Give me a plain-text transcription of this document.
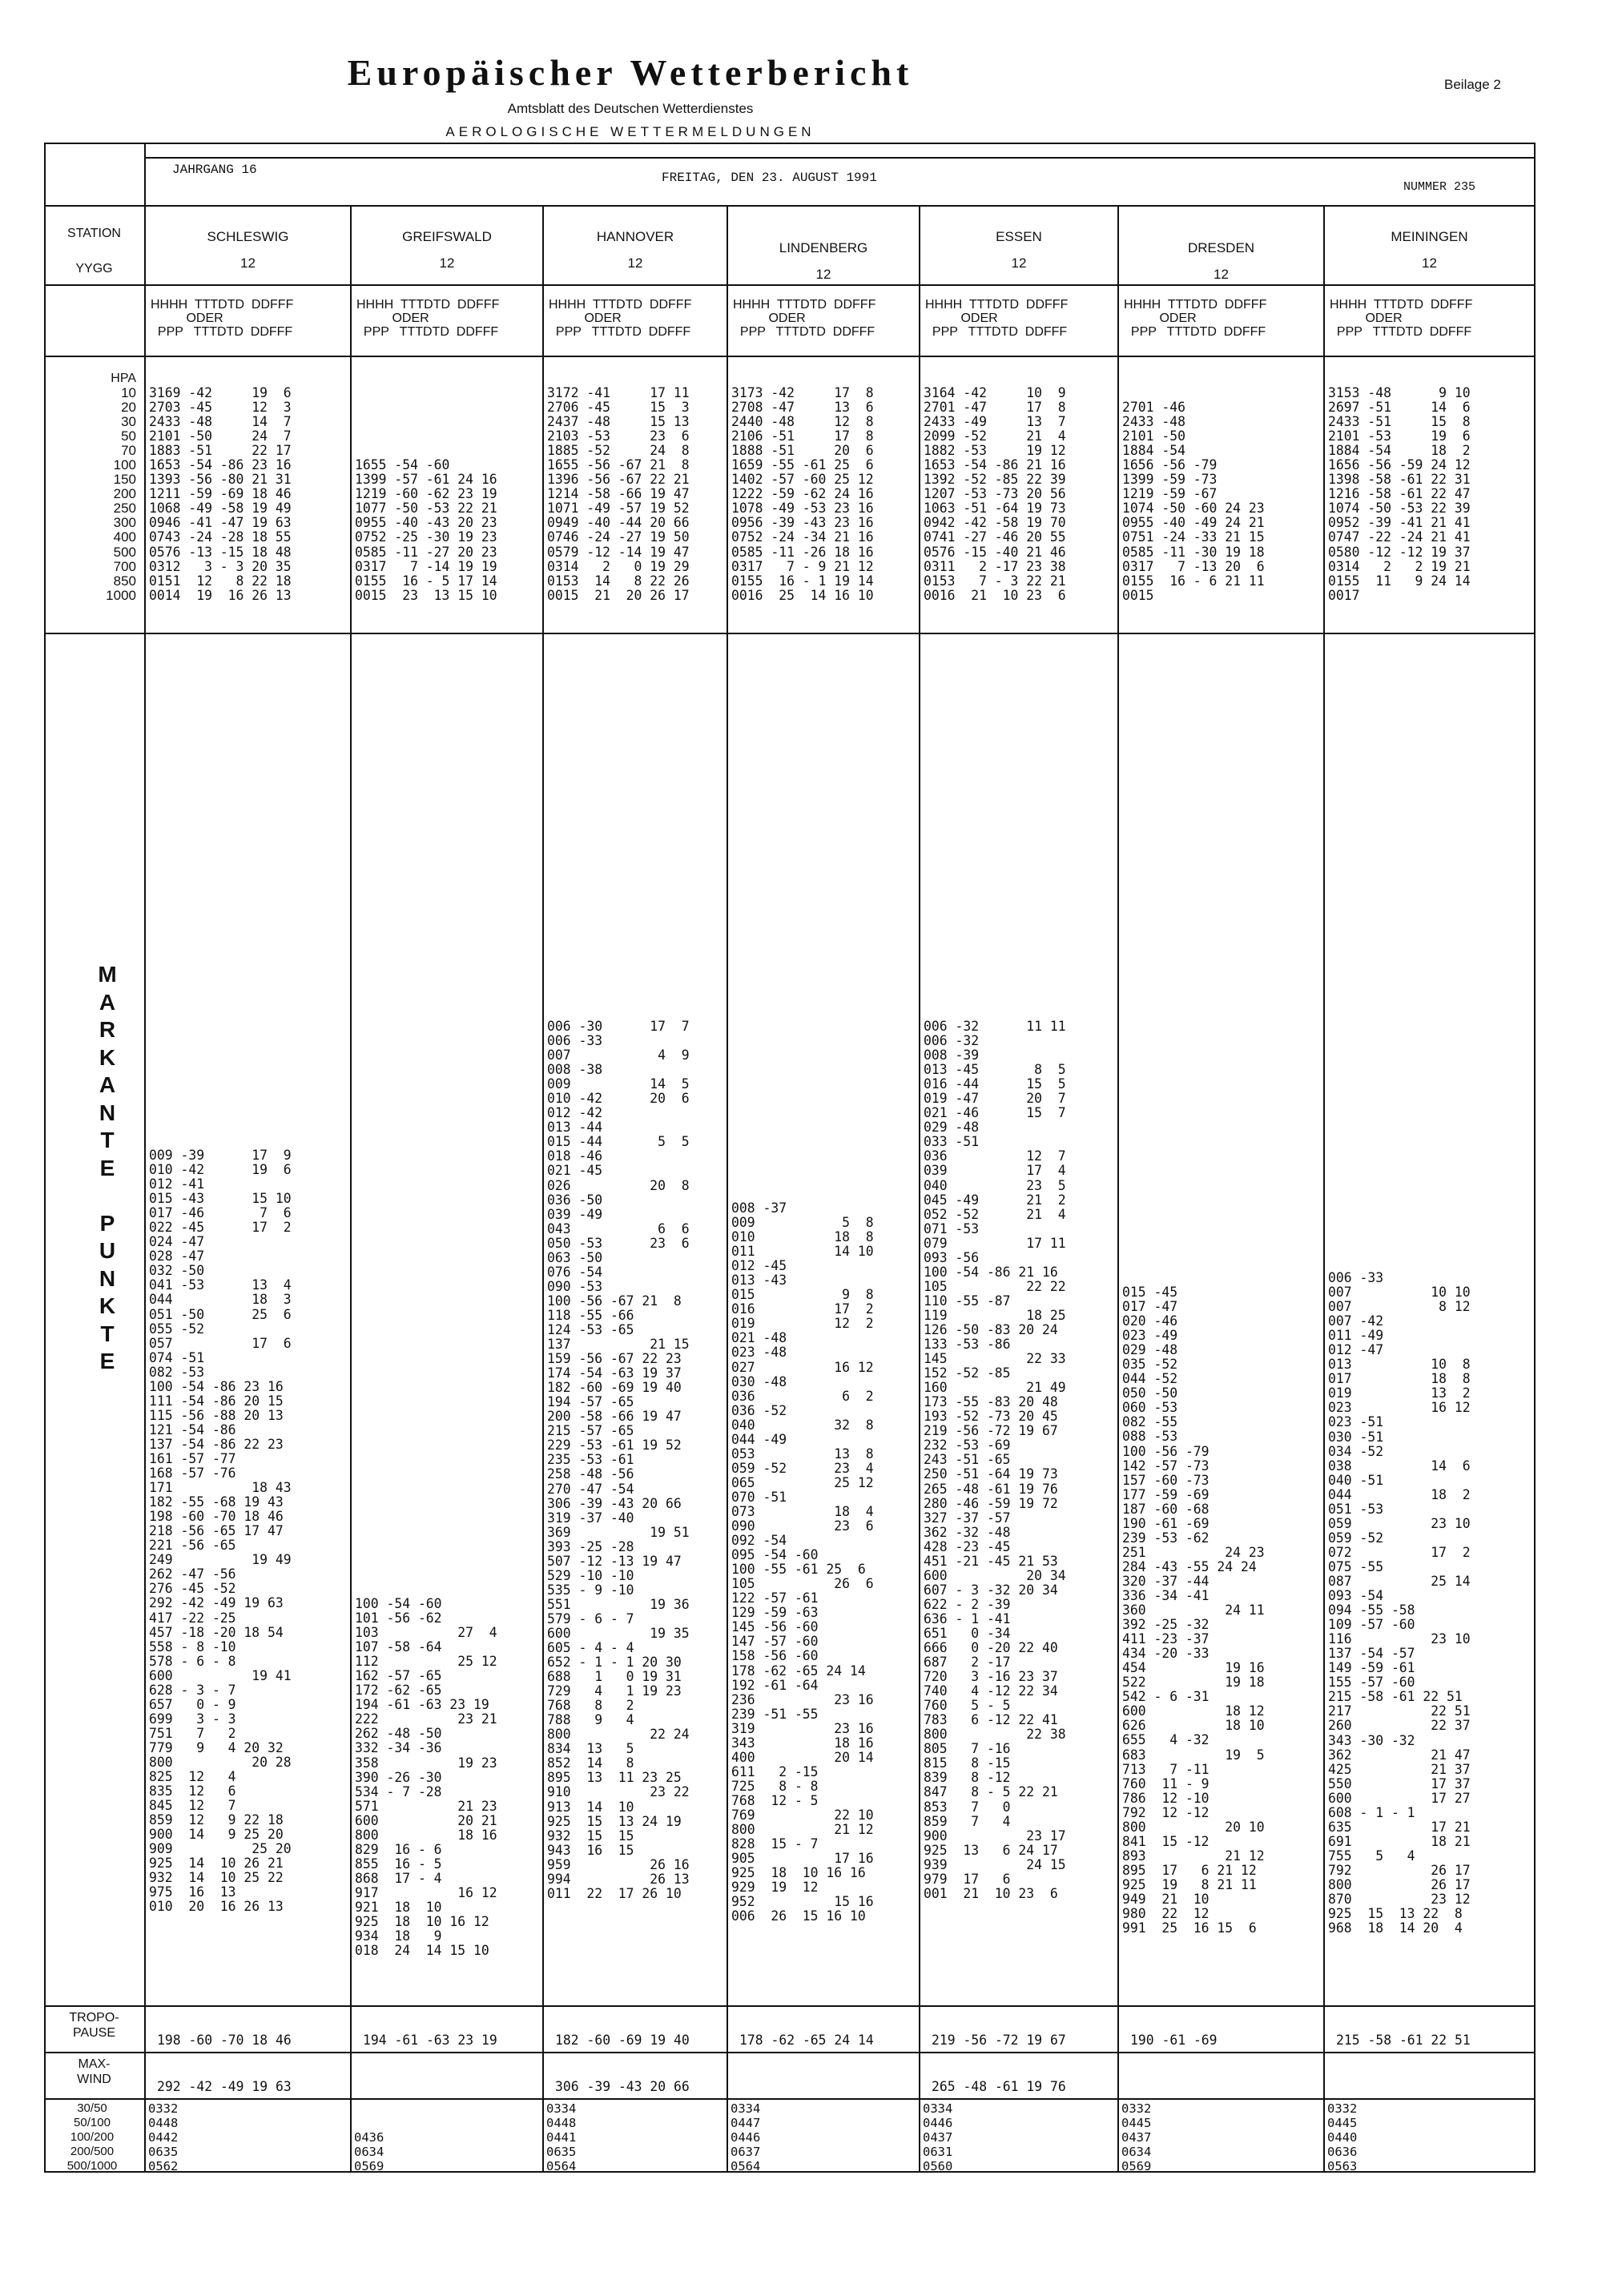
Europäischer Wetterbericht
Amtsblatt des Deutschen Wetterdienstes
AEROLOGISCHE WETTERMELDUNGEN
Beilage 2
JAHRGANG 16
FREITAG, DEN 23. AUGUST 1991
NUMMER 235
STATION
YYGG
HPA
10
20
30
50
70
100
150
200
250
300
400
500
700
850
1000
M
A
R
K
A
N
T
E

P
U
N
K
T
E
TROPO-
PAUSE
MAX-
WIND
30/50
50/100
100/200
200/500
500/1000
SCHLESWIG
12
HHHH  TTTDTD  DDFFF
ODER
PPP   TTTDTD  DDFFF
3169 -42     19  6
2703 -45     12  3
2433 -48     14  7
2101 -50     24  7
1883 -51     22 17
1653 -54 -86 23 16
1393 -56 -80 21 31
1211 -59 -69 18 46
1068 -49 -58 19 49
0946 -41 -47 19 63
0743 -24 -28 18 55
0576 -13 -15 18 48
0312   3 - 3 20 35
0151  12   8 22 18
0014  19  16 26 13
009 -39      17  9
010 -42      19  6
012 -41
015 -43      15 10
017 -46       7  6
022 -45      17  2
024 -47
028 -47
032 -50
041 -53      13  4
044          18  3
051 -50      25  6
055 -52
057          17  6
074 -51
082 -53
100 -54 -86 23 16
111 -54 -86 20 15
115 -56 -88 20 13
121 -54 -86
137 -54 -86 22 23
161 -57 -77
168 -57 -76
171          18 43
182 -55 -68 19 43
198 -60 -70 18 46
218 -56 -65 17 47
221 -56 -65
249          19 49
262 -47 -56
276 -45 -52
292 -42 -49 19 63
417 -22 -25
457 -18 -20 18 54
558 - 8 -10
578 - 6 - 8
600          19 41
628 - 3 - 7
657   0 - 9
699   3 - 3
751   7   2
779   9   4 20 32
800          20 28
825  12   4
835  12   6
845  12   7
859  12   9 22 18
900  14   9 25 20
909          25 20
925  14  10 26 21
932  14  10 25 22
975  16  13
010  20  16 26 13
198 -60 -70 18 46
292 -42 -49 19 63
0332
0448
0442
0635
0562
GREIFSWALD
12
HHHH  TTTDTD  DDFFF
ODER
PPP   TTTDTD  DDFFF

1655 -54 -60
1399 -57 -61 24 16
1219 -60 -62 23 19
1077 -50 -53 22 21
0955 -40 -43 20 23
0752 -25 -30 19 23
0585 -11 -27 20 23
0317   7 -14 19 19
0155  16 - 5 17 14
0015  23  13 15 10
100 -54 -60
101 -56 -62
103          27  4
107 -58 -64
112          25 12
162 -57 -65
172 -62 -65
194 -61 -63 23 19
222          23 21
262 -48 -50
332 -34 -36
358          19 23
390 -26 -30
534 - 7 -28
571          21 23
600          20 21
800          18 16
829  16 - 6
855  16 - 5
868  17 - 4
917          16 12
921  18  10
925  18  10 16 12
934  18   9
018  24  14 15 10
194 -61 -63 23 19
0436
0634
0569
HANNOVER
12
HHHH  TTTDTD  DDFFF
ODER
PPP   TTTDTD  DDFFF
3172 -41     17 11
2706 -45     15  3
2437 -48     15 13
2103 -53     23  6
1885 -52     24  8
1655 -56 -67 21  8
1396 -56 -67 22 21
1214 -58 -66 19 47
1071 -49 -57 19 52
0949 -40 -44 20 66
0746 -24 -27 19 50
0579 -12 -14 19 47
0314   2   0 19 29
0153  14   8 22 26
0015  21  20 26 17
006 -30      17  7
006 -33
007           4  9
008 -38
009          14  5
010 -42      20  6
012 -42
013 -44
015 -44       5  5
018 -46
021 -45
026          20  8
036 -50
039 -49
043           6  6
050 -53      23  6
063 -50
076 -54
090 -53
100 -56 -67 21  8
118 -55 -66
124 -53 -65
137          21 15
159 -56 -67 22 23
174 -54 -63 19 37
182 -60 -69 19 40
194 -57 -65
200 -58 -66 19 47
215 -57 -65
229 -53 -61 19 52
235 -53 -61
258 -48 -56
270 -47 -54
306 -39 -43 20 66
319 -37 -40
369          19 51
393 -25 -28
507 -12 -13 19 47
529 -10 -10
535 - 9 -10
551          19 36
579 - 6 - 7
600          19 35
605 - 4 - 4
652 - 1 - 1 20 30
688   1   0 19 31
729   4   1 19 23
768   8   2
788   9   4
800          22 24
834  13   5
852  14   8
895  13  11 23 25
910          23 22
913  14  10
925  15  13 24 19
932  15  15
943  16  15
959          26 16
994          26 13
011  22  17 26 10
182 -60 -69 19 40
306 -39 -43 20 66
0334
0448
0441
0635
0564
LINDENBERG
12
HHHH  TTTDTD  DDFFF
ODER
PPP   TTTDTD  DDFFF
3173 -42     17  8
2708 -47     13  6
2440 -48     12  8
2106 -51     17  8
1888 -51     20  6
1659 -55 -61 25  6
1402 -57 -60 25 12
1222 -59 -62 24 16
1078 -49 -53 23 16
0956 -39 -43 23 16
0752 -24 -34 21 16
0585 -11 -26 18 16
0317   7 - 9 21 12
0155  16 - 1 19 14
0016  25  14 16 10
008 -37
009           5  8
010          18  8
011          14 10
012 -45
013 -43
015           9  8
016          17  2
019          12  2
021 -48
023 -48
027          16 12
030 -48
036           6  2
036 -52
040          32  8
044 -49
053          13  8
059 -52      23  4
065          25 12
070 -51
073          18  4
090          23  6
092 -54
095 -54 -60
100 -55 -61 25  6
105          26  6
122 -57 -61
129 -59 -63
145 -56 -60
147 -57 -60
158 -56 -60
178 -62 -65 24 14
192 -61 -64
236          23 16
239 -51 -55
319          23 16
343          18 16
400          20 14
611   2 -15
725   8 - 8
768  12 - 5
769          22 10
800          21 12
828  15 - 7
905          17 16
925  18  10 16 16
929  19  12
952          15 16
006  26  15 16 10
178 -62 -65 24 14
0334
0447
0446
0637
0564
ESSEN
12
HHHH  TTTDTD  DDFFF
ODER
PPP   TTTDTD  DDFFF
3164 -42     10  9
2701 -47     17  8
2433 -49     13  7
2099 -52     21  4
1882 -53     19 12
1653 -54 -86 21 16
1392 -52 -85 22 39
1207 -53 -73 20 56
1063 -51 -64 19 73
0942 -42 -58 19 70
0741 -27 -46 20 55
0576 -15 -40 21 46
0311   2 -17 23 38
0153   7 - 3 22 21
0016  21  10 23  6
006 -32      11 11
006 -32
008 -39
013 -45       8  5
016 -44      15  5
019 -47      20  7
021 -46      15  7
029 -48
033 -51
036          12  7
039          17  4
040          23  5
045 -49      21  2
052 -52      21  4
071 -53
079          17 11
093 -56
100 -54 -86 21 16
105          22 22
110 -55 -87
119          18 25
126 -50 -83 20 24
133 -53 -86
145          22 33
152 -52 -85
160          21 49
173 -55 -83 20 48
193 -52 -73 20 45
219 -56 -72 19 67
232 -53 -69
243 -51 -65
250 -51 -64 19 73
265 -48 -61 19 76
280 -46 -59 19 72
327 -37 -57
362 -32 -48
428 -23 -45
451 -21 -45 21 53
600          20 34
607 - 3 -32 20 34
622 - 2 -39
636 - 1 -41
651   0 -34
666   0 -20 22 40
687   2 -17
720   3 -16 23 37
740   4 -12 22 34
760   5 - 5
783   6 -12 22 41
800          22 38
805   7 -16
815   8 -15
839   8 -12
847   8 - 5 22 21
853   7   0
859   7   4
900          23 17
925  13   6 24 17
939          24 15
979  17   6
001  21  10 23  6
219 -56 -72 19 67
265 -48 -61 19 76
0334
0446
0437
0631
0560
DRESDEN
12
HHHH  TTTDTD  DDFFF
ODER
PPP   TTTDTD  DDFFF

2701 -46
2433 -48
2101 -50
1884 -54
1656 -56 -79
1399 -59 -73
1219 -59 -67
1074 -50 -60 24 23
0955 -40 -49 24 21
0751 -24 -33 21 15
0585 -11 -30 19 18
0317   7 -13 20  6
0155  16 - 6 21 11
0015
015 -45
017 -47
020 -46
023 -49
029 -48
035 -52
044 -52
050 -50
060 -53
082 -55
088 -53
100 -56 -79
142 -57 -73
157 -60 -73
177 -59 -69
187 -60 -68
190 -61 -69
239 -53 -62
251          24 23
284 -43 -55 24 24
320 -37 -44
336 -34 -41
360          24 11
392 -25 -32
411 -23 -37
434 -20 -33
454          19 16
522          19 18
542 - 6 -31
600          18 12
626          18 10
655   4 -32
683          19  5
713   7 -11
760  11 - 9
786  12 -10
792  12 -12
800          20 10
841  15 -12
893          21 12
895  17   6 21 12
925  19   8 21 11
949  21  10
980  22  12
991  25  16 15  6
190 -61 -69
0332
0445
0437
0634
0569
MEININGEN
12
HHHH  TTTDTD  DDFFF
ODER
PPP   TTTDTD  DDFFF
3153 -48      9 10
2697 -51     14  6
2433 -51     15  8
2101 -53     19  6
1884 -54     18  2
1656 -56 -59 24 12
1398 -58 -61 22 31
1216 -58 -61 22 47
1074 -50 -53 22 39
0952 -39 -41 21 41
0747 -22 -24 21 41
0580 -12 -12 19 37
0314   2   2 19 21
0155  11   9 24 14
0017
006 -33
007          10 10
007           8 12
007 -42
011 -49
012 -47
013          10  8
017          18  8
019          13  2
023          16 12
023 -51
030 -51
034 -52
038          14  6
040 -51
044          18  2
051 -53
059          23 10
059 -52
072          17  2
075 -55
087          25 14
093 -54
094 -55 -58
109 -57 -60
116          23 10
137 -54 -57
149 -59 -61
155 -57 -60
215 -58 -61 22 51
217          22 51
260          22 37
343 -30 -32
362          21 47
425          21 37
550          17 37
600          17 27
608 - 1 - 1
635          17 21
691          18 21
755   5   4
792          26 17
800          26 17
870          23 12
925  15  13 22  8
968  18  14 20  4
215 -58 -61 22 51
0332
0445
0440
0636
0563
